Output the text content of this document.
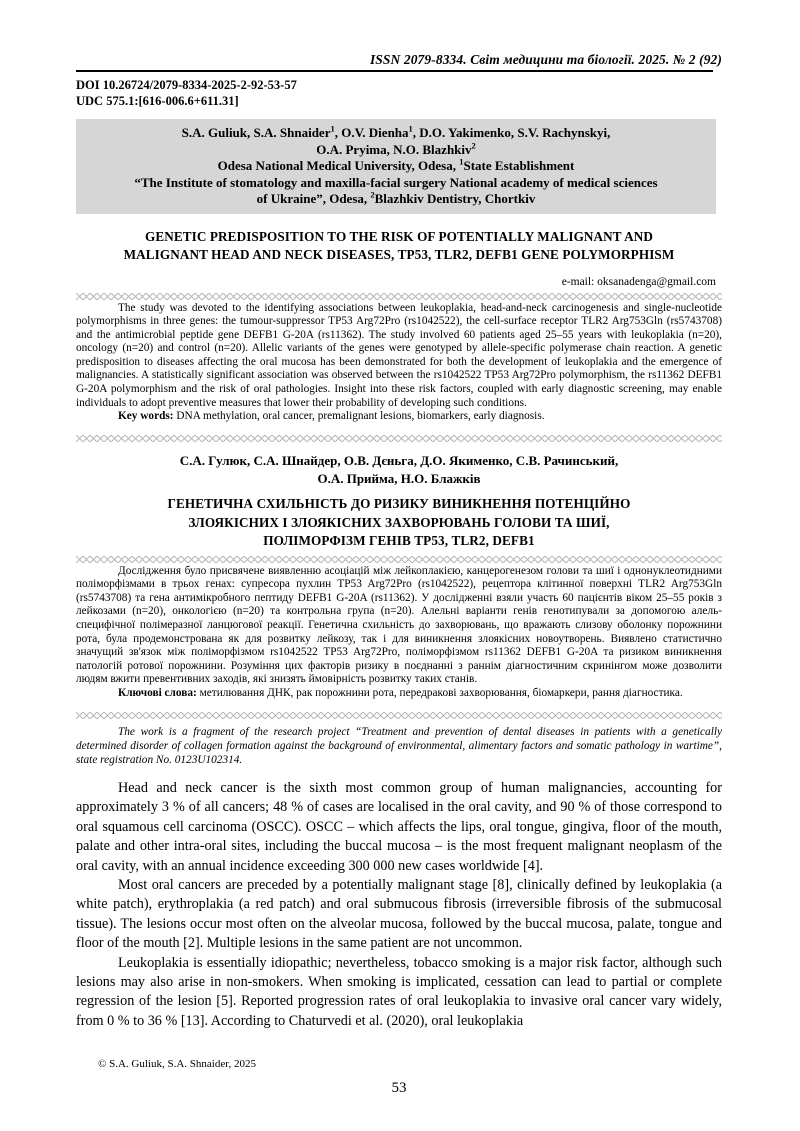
ISSN 2079-8334. Світ медицини та біології. 2025. № 2 (92)
DOI 10.26724/2079-8334-2025-2-92-53-57
UDC 575.1:[616-006.6+611.31]
S.A. Guliuk, S.A. Shnaider$^1$, O.V. Dienha$^1$, D.O. Yakimenko, S.V. Rachynskyi,
O.A. Pryima, N.O. Blazhkiv$^2$
Odesa National Medical University, Odesa, $^1$State Establishment
“The Institute of stomatology and maxilla-facial surgery National academy of medical sciences
of Ukraine”, Odesa, $^2$Blazhkiv Dentistry, Chortkiv
GENETIC PREDISPOSITION TO THE RISK OF POTENTIALLY MALIGNANT AND
MALIGNANT HEAD AND NECK DISEASES, TP53, TLR2, DEFB1 GENE POLYMORPHISM
e-mail: oksanadenga@gmail.com

The study was devoted to the identifying associations between leukoplakia, head-and-neck carcinogenesis and single-nucleotide polymorphisms in three genes: the tumour-suppressor TP53 Arg72Pro (rs1042522), the cell-surface receptor TLR2 Arg753Gln (rs5743708) and the antimicrobial peptide gene DEFB1 G-20A (rs11362). The study involved 60 patients aged 25–55 years with leukoplakia (n=20), oncology (n=20) and control (n=20). Allelic variants of the genes were genotyped by allele-specific polymerase chain reaction. A genetic predisposition to diseases affecting the oral mucosa has been demonstrated for both the development of leukoplakia and the emergence of malignancies. A statistically significant association was observed between the rs1042522 TP53 Arg72Pro polymorphism, the rs11362 DEFB1 G-20A polymorphism and the risk of oral pathologies. Insight into these risk factors, coupled with early diagnostic screening, may enable individuals to adopt preventive measures that lower their probability of developing such conditions.

Key words: DNA methylation, oral cancer, premalignant lesions, biomarkers, early diagnosis.

С.А. Гулюк, С.А. Шнайдер, О.В. Дєньга, Д.О. Якименко, С.В. Рачинський,
О.А. Прийма, Н.О. Блажків
ГЕНЕТИЧНА СХИЛЬНІСТЬ ДО РИЗИКУ ВИНИКНЕННЯ ПОТЕНЦІЙНО
ЗЛОЯКІСНИХ І ЗЛОЯКІСНИХ ЗАХВОРЮВАНЬ ГОЛОВИ ТА ШИЇ,
ПОЛІМОРФІЗМ ГЕНІВ ТР53, TLR2, DEFB1

Дослідження було присвячене виявленню асоціацій між лейкоплакією, канцерогенезом голови та шиї і однонуклеотидними поліморфізмами в трьох генах: супресора пухлин TP53 Arg72Pro (rs1042522), рецептора клітинної поверхні TLR2 Arg753Gln (rs5743708) та гена антимікробного пептиду DEFB1 G-20A (rs11362). У дослідженні взяли участь 60 пацієнтів віком 25–55 років з лейкозами (n=20), онкологією (n=20) та контрольна група (n=20). Алельні варіанти генів генотипували за допомогою алель-специфічної полімеразної ланцюгової реакції. Генетична схильність до захворювань, що вражають слизову оболонку порожнини рота, була продемонстрована як для розвитку лейкозу, так і для виникнення злоякісних новоутворень. Виявлено статистично значущий зв'язок між поліморфізмом rs1042522 TP53 Arg72Pro, поліморфізмом rs11362 DEFB1 G-20A та ризиком виникнення патологій ротової порожнини. Розуміння цих факторів ризику в поєднанні з раннім діагностичним скринінгом може дозволити людям вжити превентивних заходів, які знизять ймовірність розвитку таких станів.

Ключові слова: метилювання ДНК, рак порожнини рота, передракові захворювання, біомаркери, рання діагностика.

The work is a fragment of the research project “Treatment and prevention of dental diseases in patients with a genetically determined disorder of collagen formation against the background of environmental, alimentary factors and somatic pathology in wartime”, state registration No. 0123U102314.

Head and neck cancer is the sixth most common group of human malignancies, accounting for approximately 3 % of all cancers; 48 % of cases are localised in the oral cavity, and 90 % of those correspond to oral squamous cell carcinoma (OSCC). OSCC – which affects the lips, oral tongue, gingiva, floor of the mouth, palate and other intra-oral sites, including the buccal mucosa – is the most frequent malignant neoplasm of the oral cavity, with an annual incidence exceeding 300 000 new cases worldwide [4].

Most oral cancers are preceded by a potentially malignant stage [8], clinically defined by leukoplakia (a white patch), erythroplakia (a red patch) and oral submucous fibrosis (irreversible fibrosis of the submucosal tissue). The lesions occur most often on the alveolar mucosa, followed by the buccal mucosa, palate, tongue and floor of the mouth [2]. Multiple lesions in the same patient are not uncommon.

Leukoplakia is essentially idiopathic; nevertheless, tobacco smoking is a major risk factor, although such lesions may also arise in non-smokers. When smoking is implicated, cessation can lead to partial or complete regression of the lesion [5]. Reported progression rates of oral leukoplakia to invasive oral cancer vary widely, from 0 % to 36 % [13]. According to Chaturvedi et al. (2020), oral leukoplakia

© S.A. Guliuk, S.A. Shnaider, 2025
53
